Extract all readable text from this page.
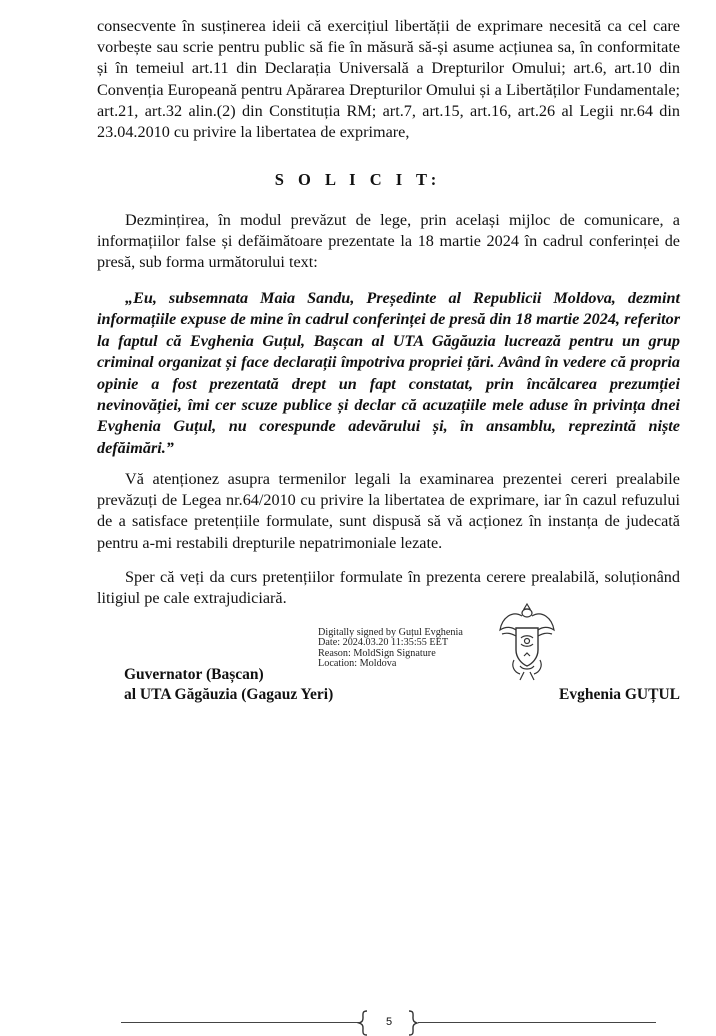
consecvente în susținerea ideii că exercițiul libertății de exprimare necesită ca cel care vorbește sau scrie pentru public să fie în măsură să-și asume acțiunea sa, în conformitate și în temeiul art.11 din Declarația Universală a Drepturilor Omului; art.6, art.10 din Convenția Europeană pentru Apărarea Drepturilor Omului și a Libertăților Fundamentale; art.21, art.32 alin.(2) din Constituția RM; art.7, art.15, art.16, art.26 al Legii nr.64 din 23.04.2010 cu privire la libertatea de exprimare,

S O L I C I T:

Dezmințirea, în modul prevăzut de lege, prin același mijloc de comunicare, a informațiilor false și defăimătoare prezentate la 18 martie 2024 în cadrul conferinței de presă, sub forma următorului text:

„Eu, subsemnata Maia Sandu, Președinte al Republicii Moldova, dezmint informațiile expuse de mine în cadrul conferinței de presă din 18 martie 2024, referitor la faptul că Evghenia Guțul, Bașcan al UTA Găgăuzia lucrează pentru un grup criminal organizat și face declarații împotriva propriei țări. Având în vedere că propria opinie a fost prezentată drept un fapt constatat, prin încălcarea prezumției nevinovăției, îmi cer scuze publice și declar că acuzațiile mele aduse în privința dnei Evghenia Guțul, nu corespunde adevărului și, în ansamblu, reprezintă niște defăimări.”

Vă atenționez asupra termenilor legali la examinarea prezentei cereri prealabile prevăzuți de Legea nr.64/2010 cu privire la libertatea de exprimare, iar în cazul refuzului de a satisface pretențiile formulate, sunt dispusă să vă acționez în instanța de judecată pentru a-mi restabili drepturile nepatrimoniale lezate.

Sper că veți da curs pretențiilor formulate în prezenta cerere prealabilă, soluționând litigiul pe cale extrajudiciară.

Digitally signed by Guțul Evghenia
Date: 2024.03.20 11:35:55 EET
Reason: MoldSign Signature
Location: Moldova
Guvernator (Bașcan)
al UTA Găgăuzia (Gagauz Yeri)	Evghenia GUȚUL
5
